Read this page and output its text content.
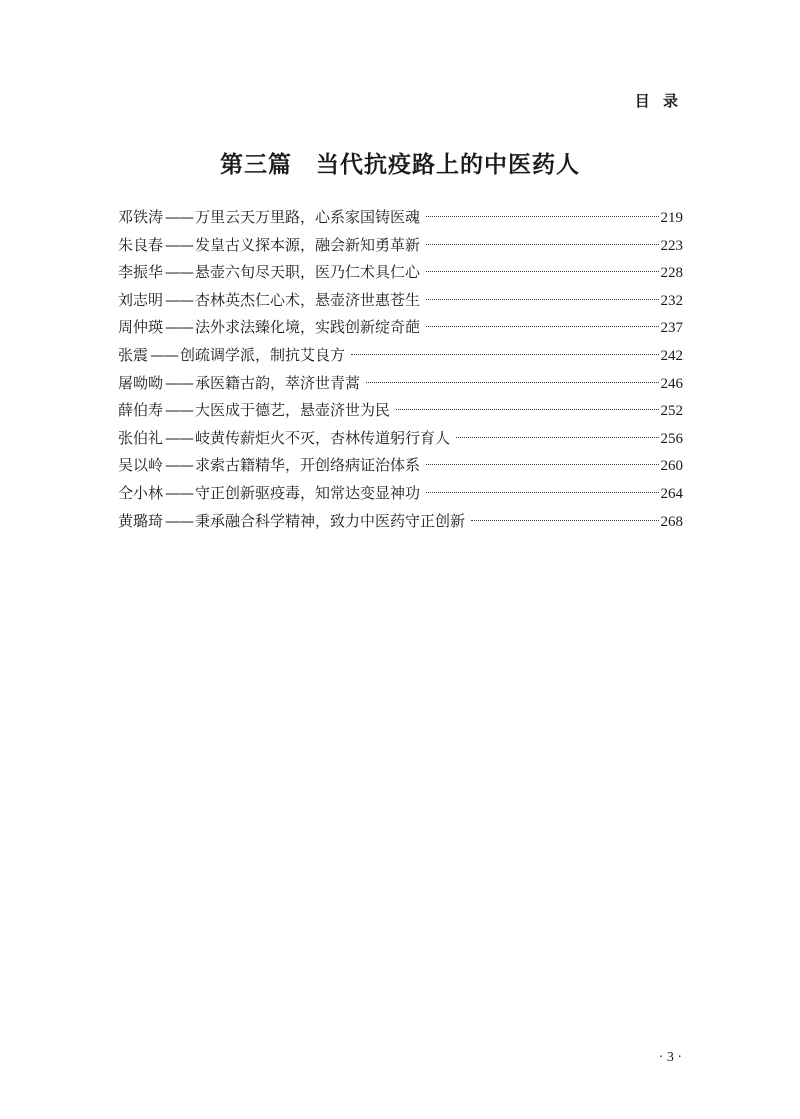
目 录
第三篇　当代抗疫路上的中医药人
邓铁涛 —— 万里云天万里路，心系家国铸医魂	219
朱良春 —— 发皇古义探本源，融会新知勇革新	223
李振华 —— 悬壶六旬尽天职，医乃仁术具仁心	228
刘志明 —— 杏林英杰仁心术，悬壶济世惠苍生	232
周仲瑛 —— 法外求法臻化境，实践创新绽奇葩	237
张震 —— 创疏调学派，制抗艾良方	242
屠呦呦 —— 承医籍古韵，萃济世青蒿	246
薛伯寿 —— 大医成于德艺，悬壶济世为民	252
张伯礼 —— 岐黄传薪炬火不灭，杏林传道躬行育人	256
吴以岭 —— 求索古籍精华，开创络病证治体系	260
仝小林 —— 守正创新驱疫毒，知常达变显神功	264
黄璐琦 —— 秉承融合科学精神，致力中医药守正创新	268
· 3 ·
